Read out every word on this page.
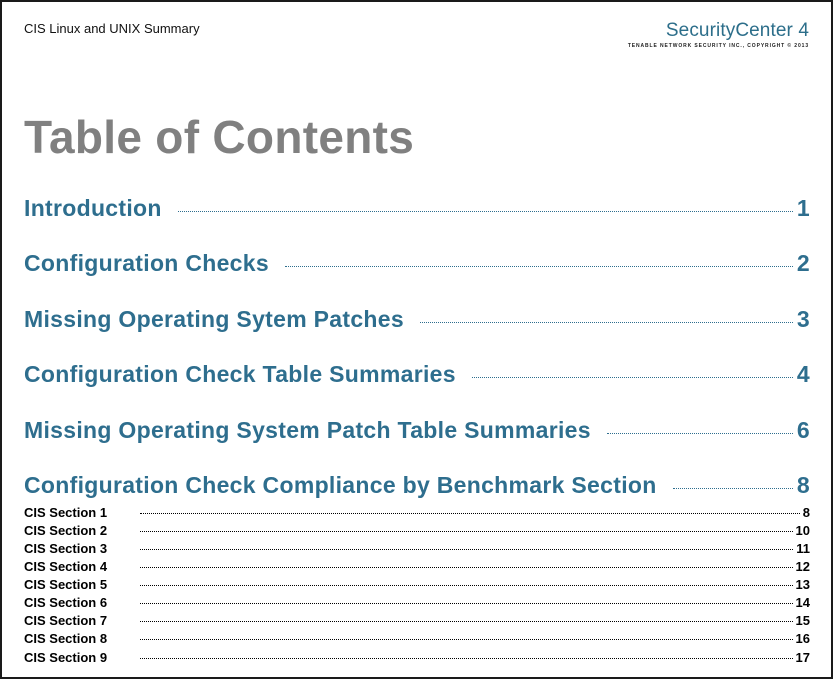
CIS Linux and UNIX Summary	SecurityCenter 4
TENABLE NETWORK SECURITY INC., COPYRIGHT © 2013
Table of Contents
Introduction	1
Configuration Checks	2
Missing Operating Sytem Patches	3
Configuration Check Table Summaries	4
Missing Operating System Patch Table Summaries	6
Configuration Check Compliance by Benchmark Section	8
CIS Section 1	8
CIS Section 2	10
CIS Section 3	11
CIS Section 4	12
CIS Section 5	13
CIS Section 6	14
CIS Section 7	15
CIS Section 8	16
CIS Section 9	17
